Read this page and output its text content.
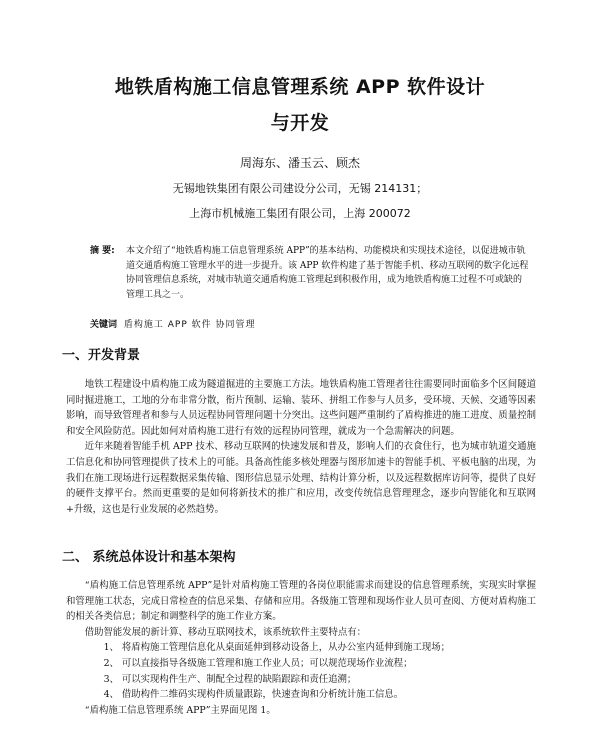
地铁盾构施工信息管理系统 APP 软件设计
与开发
周海东、潘玉云、顾杰
无锡地铁集团有限公司建设分公司，无锡 214131；
上海市机械施工集团有限公司，上海 200072
摘 要:	本文介绍了“地铁盾构施工信息管理系统 APP”的基本结构、功能模块和实现技术途径，以促进城市轨道交通盾构施工管理水平的进一步提升。该 APP 软件构建了基于智能手机、移动互联网的数字化远程协同管理信息系统，对城市轨道交通盾构施工管理起到积极作用，成为地铁盾构施工过程不可或缺的管理工具之一。
关键词 盾构施工 APP 软件 协同管理
一、开发背景

地铁工程建设中盾构施工成为隧道掘进的主要施工方法。地铁盾构施工管理者往往需要同时面临多个区间隧道同时掘进施工，工地的分布非常分散，衔片预制、运输、装环、拼组工作参与人员多，受环境、天候、交通等因素影响，而导致管理者和参与人员远程协同管理问题十分突出。这些问题严重制约了盾构推进的施工进度、质量控制和安全风险防范。因此如何对盾构施工进行有效的远程协同管理，就成为一个急需解决的问题。

近年来随着智能手机 APP 技术、移动互联网的快速发展和普及，影响人们的衣食住行，也为城市轨道交通施工信息化和协同管理提供了技术上的可能。具备高性能多核处理器与图形加速卡的智能手机、平板电脑的出现，为我们在施工现场进行远程数据采集传输、图形信息显示处理、结构计算分析，以及远程数据库访问等，提供了良好的硬件支撑平台。然而更重要的是如何将新技术的推广和应用，改变传统信息管理理念，逐步向智能化和互联网+升级，这也是行业发展的必然趋势。

二、 系统总体设计和基本架构

“盾构施工信息管理系统 APP”是针对盾构施工管理的各岗位职能需求而建设的信息管理系统，实现实时掌握和管理施工状态，完成日常检查的信息采集、存储和应用。各级施工管理和现场作业人员可查阅、方便对盾构施工的相关各类信息；制定和调整科学的施工作业方案。

借助智能发展的新计算、移动互联网技术，该系统软件主要特点有：

1、 将盾构施工管理信息化从桌面延伸到移动设备上，从办公室内延伸到施工现场；

2、 可以直接指导各级施工管理和施工作业人员；可以规范现场作业流程；

3、 可以实现构件生产、制配全过程的缺陷跟踪和责任追溯；

4、 借助构件二维码实现构件质量跟踪，快速查询和分析统计施工信息。

“盾构施工信息管理系统 APP”主界面见图 1。
